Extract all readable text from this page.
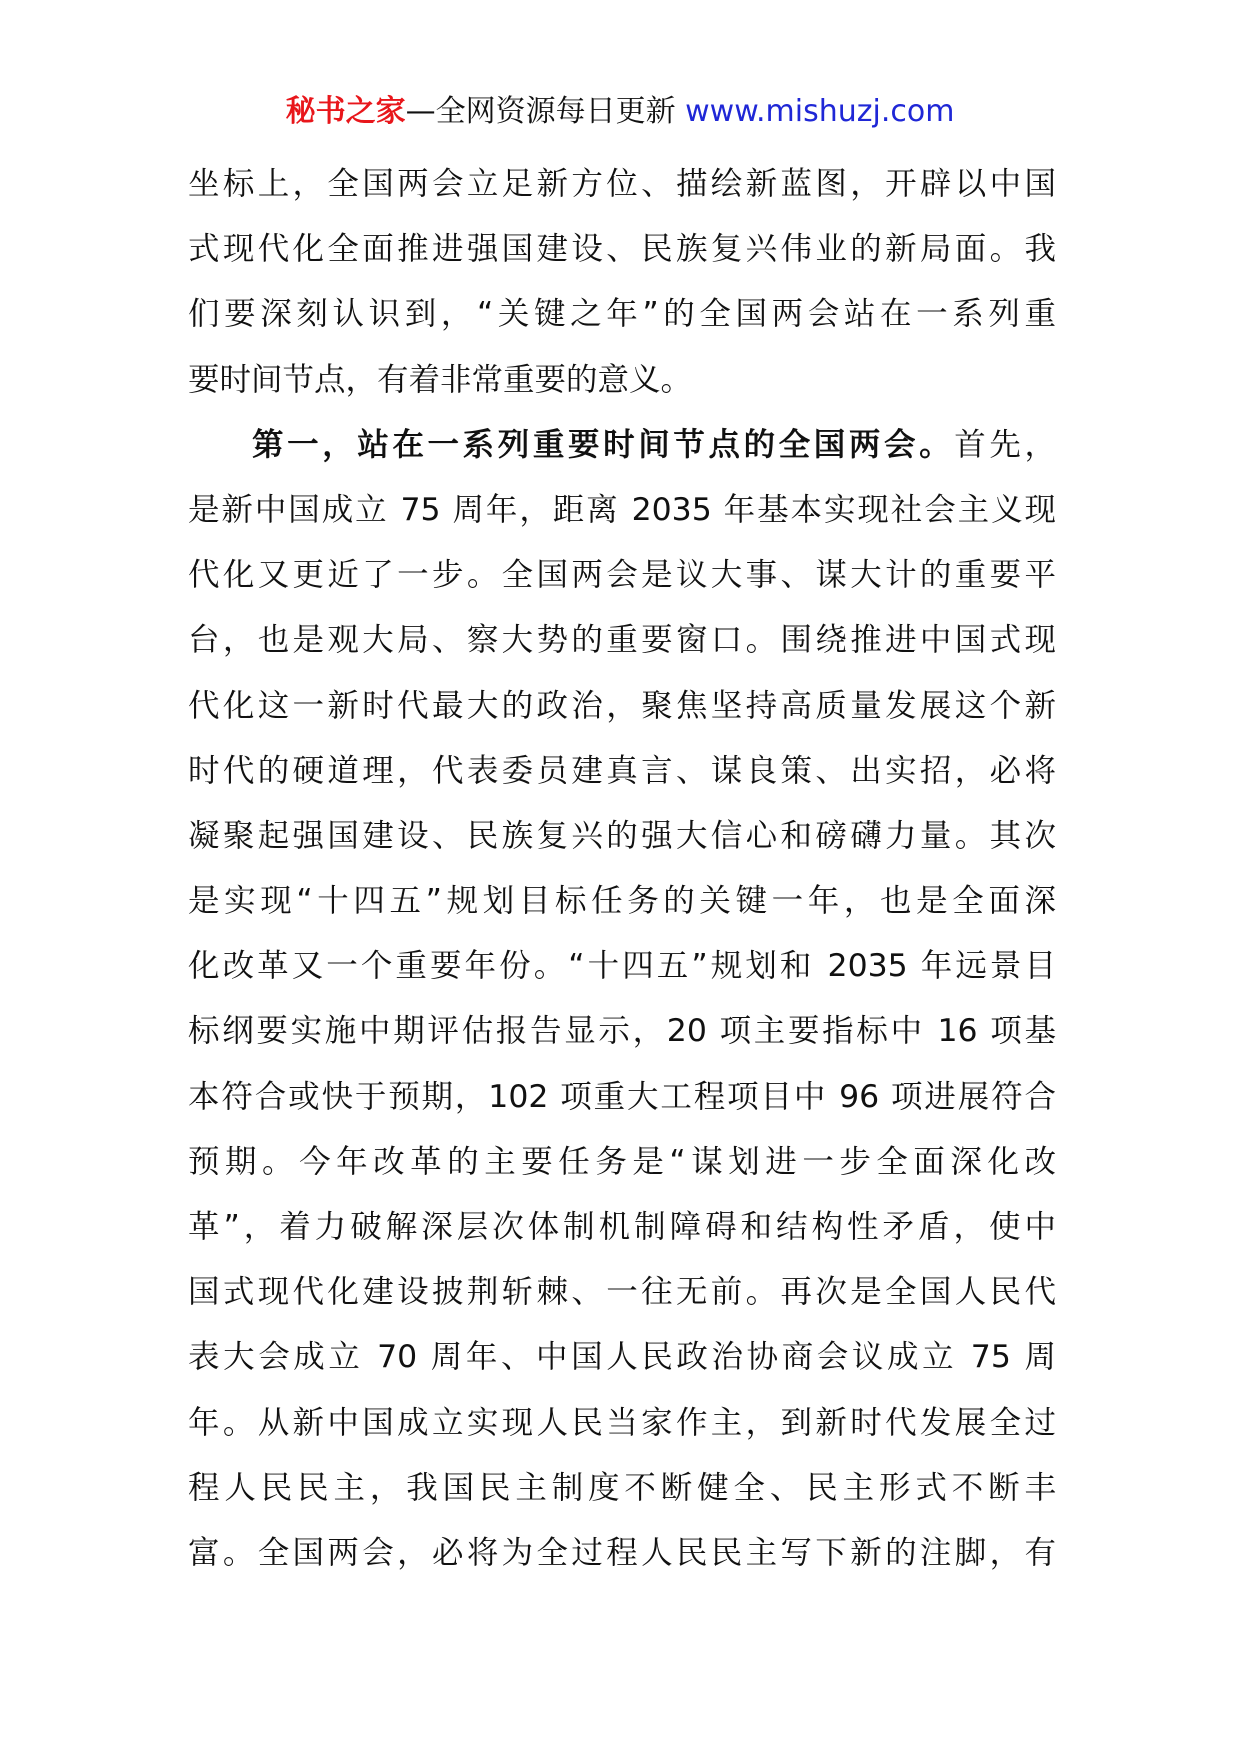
秘书之家—全网资源每日更新 www.mishuzj.com
坐标上，全国两会立足新方位、描绘新蓝图，开辟以中国
式现代化全面推进强国建设、民族复兴伟业的新局面。我
们要深刻认识到，“关键之年”的全国两会站在一系列重
要时间节点，有着非常重要的意义。
第一，站在一系列重要时间节点的全国两会。首先，
是新中国成立 75 周年，距离 2035 年基本实现社会主义现
代化又更近了一步。全国两会是议大事、谋大计的重要平
台，也是观大局、察大势的重要窗口。围绕推进中国式现
代化这一新时代最大的政治，聚焦坚持高质量发展这个新
时代的硬道理，代表委员建真言、谋良策、出实招，必将
凝聚起强国建设、民族复兴的强大信心和磅礴力量。其次
是实现“十四五”规划目标任务的关键一年，也是全面深
化改革又一个重要年份。“十四五”规划和 2035 年远景目
标纲要实施中期评估报告显示，20 项主要指标中 16 项基
本符合或快于预期，102 项重大工程项目中 96 项进展符合
预期。今年改革的主要任务是“谋划进一步全面深化改
革”，着力破解深层次体制机制障碍和结构性矛盾，使中
国式现代化建设披荆斩棘、一往无前。再次是全国人民代
表大会成立 70 周年、中国人民政治协商会议成立 75 周
年。从新中国成立实现人民当家作主，到新时代发展全过
程人民民主，我国民主制度不断健全、民主形式不断丰
富。全国两会，必将为全过程人民民主写下新的注脚，有
